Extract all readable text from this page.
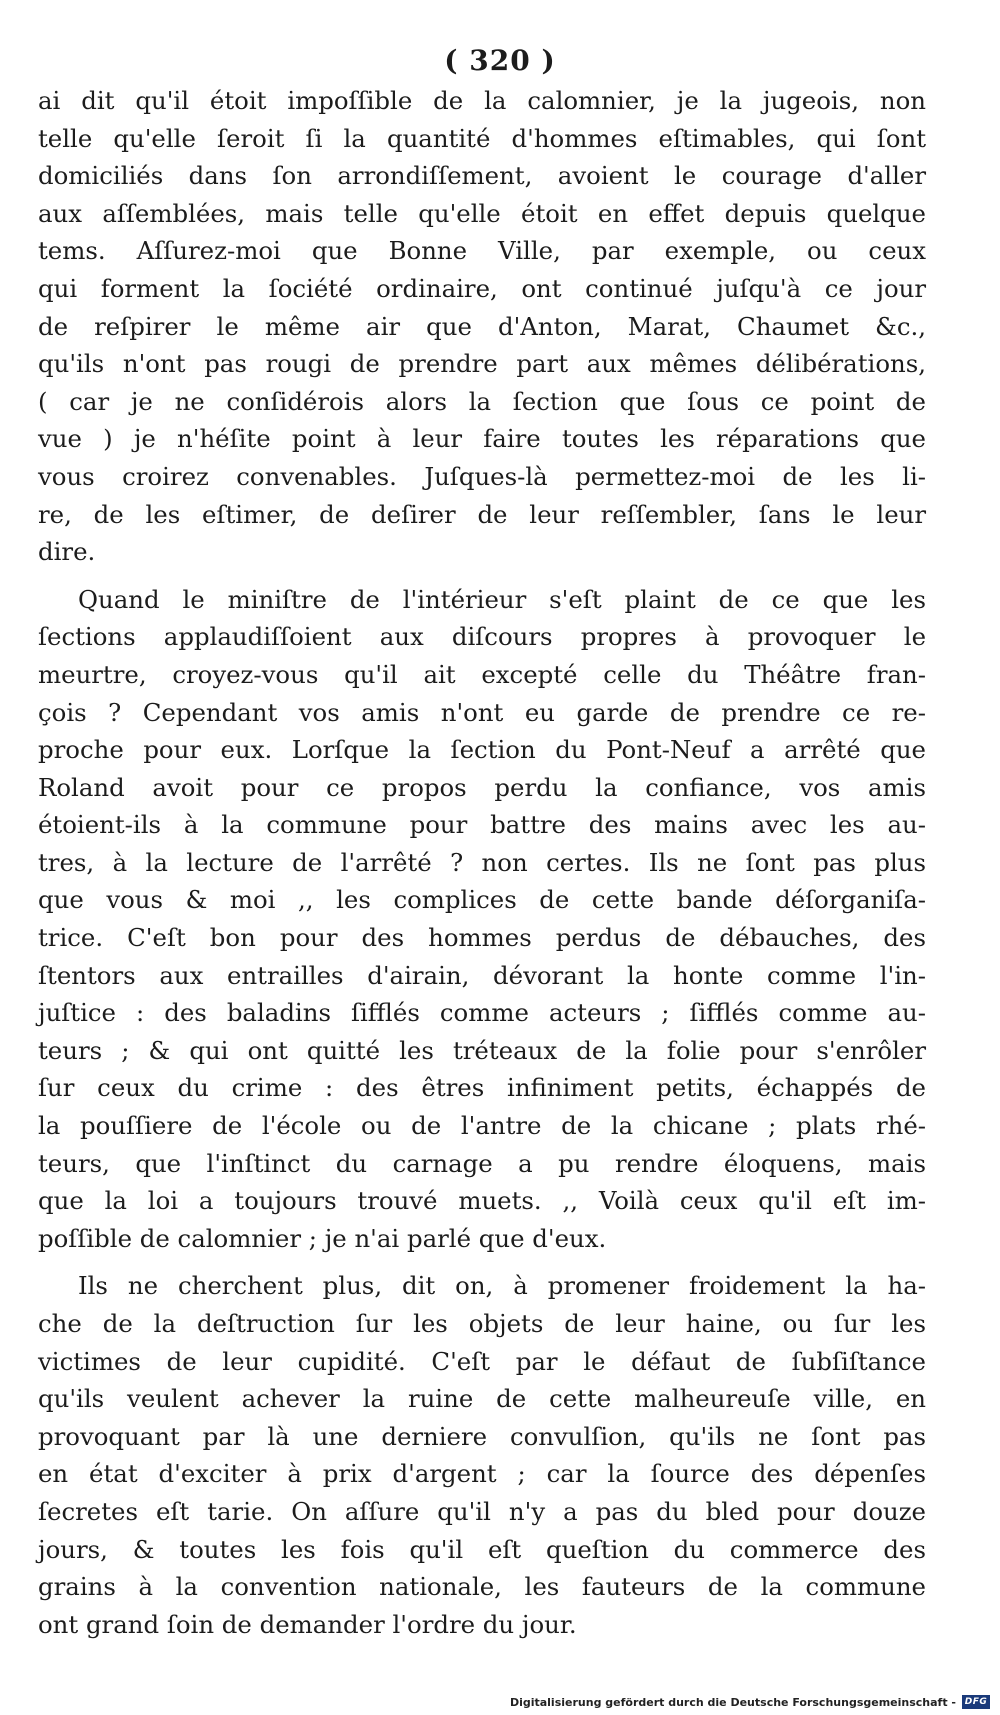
( 320 )
ai dit qu'il étoit impoſſible de la calomnier, je la jugeois, non
telle qu'elle ſeroit ſi la quantité d'hommes eſtimables, qui ſont
domiciliés dans ſon arrondiſſement, avoient le courage d'aller
aux aſſemblées, mais telle qu'elle étoit en effet depuis quelque
tems. Aſſurez-moi que Bonne Ville, par exemple, ou ceux
qui forment la ſociété ordinaire, ont continué juſqu'à ce jour
de reſpirer le même air que d'Anton, Marat, Chaumet &c.,
qu'ils n'ont pas rougi de prendre part aux mêmes délibérations,
( car je ne conſidérois alors la ſection que ſous ce point de
vue ) je n'héſite point à leur faire toutes les réparations que
vous croirez convenables. Juſques-là permettez-moi de les li-
re, de les eſtimer, de deſirer de leur reſſembler, ſans le leur
dire.
Quand le miniſtre de l'intérieur s'eſt plaint de ce que les
ſections applaudiſſoient aux diſcours propres à provoquer le
meurtre, croyez-vous qu'il ait excepté celle du Théâtre fran-
çois ? Cependant vos amis n'ont eu garde de prendre ce re-
proche pour eux. Lorſque la ſection du Pont-Neuf a arrêté que
Roland avoit pour ce propos perdu la confiance, vos amis
étoient-ils à la commune pour battre des mains avec les au-
tres, à la lecture de l'arrêté ? non certes. Ils ne ſont pas plus
que vous & moi ,, les complices de cette bande déſorganiſa-
trice. C'eſt bon pour des hommes perdus de débauches, des
ſtentors aux entrailles d'airain, dévorant la honte comme l'in-
juſtice : des baladins ſifflés comme acteurs ; ſifflés comme au-
teurs ; & qui ont quitté les tréteaux de la folie pour s'enrôler
ſur ceux du crime : des êtres infiniment petits, échappés de
la pouſſiere de l'école ou de l'antre de la chicane ; plats rhé-
teurs, que l'inſtinct du carnage a pu rendre éloquens, mais
que la loi a toujours trouvé muets. ,, Voilà ceux qu'il eſt im-
poſſible de calomnier ; je n'ai parlé que d'eux.
Ils ne cherchent plus, dit on, à promener froidement la ha-
che de la deſtruction ſur les objets de leur haine, ou ſur les
victimes de leur cupidité. C'eſt par le défaut de ſubſiſtance
qu'ils veulent achever la ruine de cette malheureuſe ville, en
provoquant par là une derniere convulſion, qu'ils ne ſont pas
en état d'exciter à prix d'argent ; car la ſource des dépenſes
ſecretes eſt tarie. On aſſure qu'il n'y a pas du bled pour douze
jours, & toutes les fois qu'il eſt queſtion du commerce des
grains à la convention nationale, les fauteurs de la commune
ont grand ſoin de demander l'ordre du jour.
Digitalisierung gefördert durch die Deutsche Forschungsgemeinschaft - DFG
